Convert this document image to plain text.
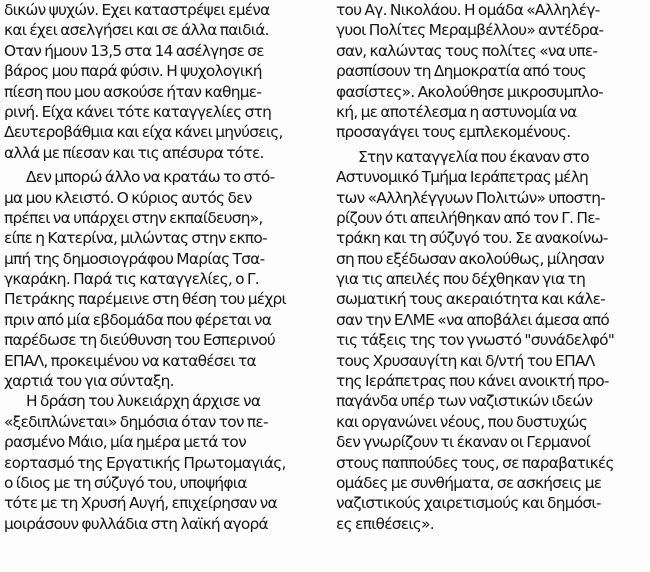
δικών ψυχών. Εχει καταστρέψει εμένα
και έχει ασελγήσει και σε άλλα παιδιά.
Οταν ήμουν 13,5 στα 14 ασέλγησε σε
βάρος μου παρά φύσιν. Η ψυχολογική
πίεση που μου ασκούσε ήταν καθημε-
ρινή. Είχα κάνει τότε καταγγελίες στη
Δευτεροβάθμια και είχα κάνει μηνύσεις,
αλλά με πίεσαν και τις απέσυρα τότε.
Δεν μπορώ άλλο να κρατάω το στό-
μα μου κλειστό. Ο κύριος αυτός δεν
πρέπει να υπάρχει στην εκπαίδευση»,
είπε η Κατερίνα, μιλώντας στην εκπο-
μπή της δημοσιογράφου Μαρίας Τσα-
γκαράκη. Παρά τις καταγγελίες, ο Γ.
Πετράκης παρέμεινε στη θέση του μέχρι
πριν από μία εβδομάδα που φέρεται να
παρέδωσε τη διεύθυνση του Εσπερινού
ΕΠΑΛ, προκειμένου να καταθέσει τα
χαρτιά του για σύνταξη.
Η δράση του λυκειάρχη άρχισε να
«ξεδιπλώνεται» δημόσια όταν τον πε-
ρασμένο Μάιο, μία ημέρα μετά τον
εορτασμό της Εργατικής Πρωτομαγιάς,
ο ίδιος με τη σύζυγό του, υποψήφια
τότε με τη Χρυσή Αυγή, επιχείρησαν να
μοιράσουν φυλλάδια στη λαϊκή αγορά
του Αγ. Νικολάου. Η ομάδα «Αλληλέγ-
γυοι Πολίτες Μεραμβέλλου» αντέδρα-
σαν, καλώντας τους πολίτες «να υπε-
ρασπίσουν τη Δημοκρατία από τους
φασίστες». Ακολούθησε μικροσυμπλο-
κή, με αποτέλεσμα η αστυνομία να
προσαγάγει τους εμπλεκομένους.
Στην καταγγελία που έκαναν στο
Αστυνομικό Τμήμα Ιεράπετρας μέλη
των «Αλληλέγγυων Πολιτών» υποστη-
ρίζουν ότι απειλήθηκαν από τον Γ. Πε-
τράκη και τη σύζυγό του. Σε ανακοίνω-
ση που εξέδωσαν ακολούθως, μίλησαν
για τις απειλές που δέχθηκαν για τη
σωματική τους ακεραιότητα και κάλε-
σαν την ΕΛΜΕ «να αποβάλει άμεσα από
τις τάξεις της τον γνωστό "συνάδελφό"
τους Χρυσαυγίτη και δ/ντή του ΕΠΑΛ
της Ιεράπετρας που κάνει ανοικτή προ-
παγάνδα υπέρ των ναζιστικών ιδεών
και οργανώνει νέους, που δυστυχώς
δεν γνωρίζουν τι έκαναν οι Γερμανοί
στους παππούδες τους, σε παραβατικές
ομάδες με συνθήματα, σε ασκήσεις με
ναζιστικούς χαιρετισμούς και δημόσι-
ες επιθέσεις».
